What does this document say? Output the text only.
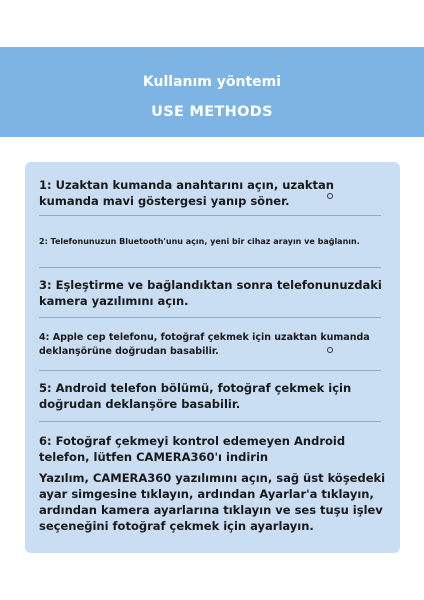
Kullanım yöntemi
USE METHODS
1: Uzaktan kumanda anahtarını açın, uzaktan kumanda mavi göstergesi yanıp söner.
2: Telefonunuzun Bluetooth'unu açın, yeni bir cihaz arayın ve bağlanın.
3: Eşleştirme ve bağlandıktan sonra telefonunuzdaki kamera yazılımını açın.
4: Apple cep telefonu, fotoğraf çekmek için uzaktan kumanda deklanşörüne doğrudan basabilir.
5: Android telefon bölümü, fotoğraf çekmek için doğrudan deklanşöre basabilir.
6: Fotoğraf çekmeyi kontrol edemeyen Android telefon, lütfen CAMERA360'ı indirin
Yazılım, CAMERA360 yazılımını açın, sağ üst köşedeki ayar simgesine tıklayın, ardından Ayarlar'a tıklayın, ardından kamera ayarlarına tıklayın ve ses tuşu işlev seçeneğini fotoğraf çekmek için ayarlayın.
